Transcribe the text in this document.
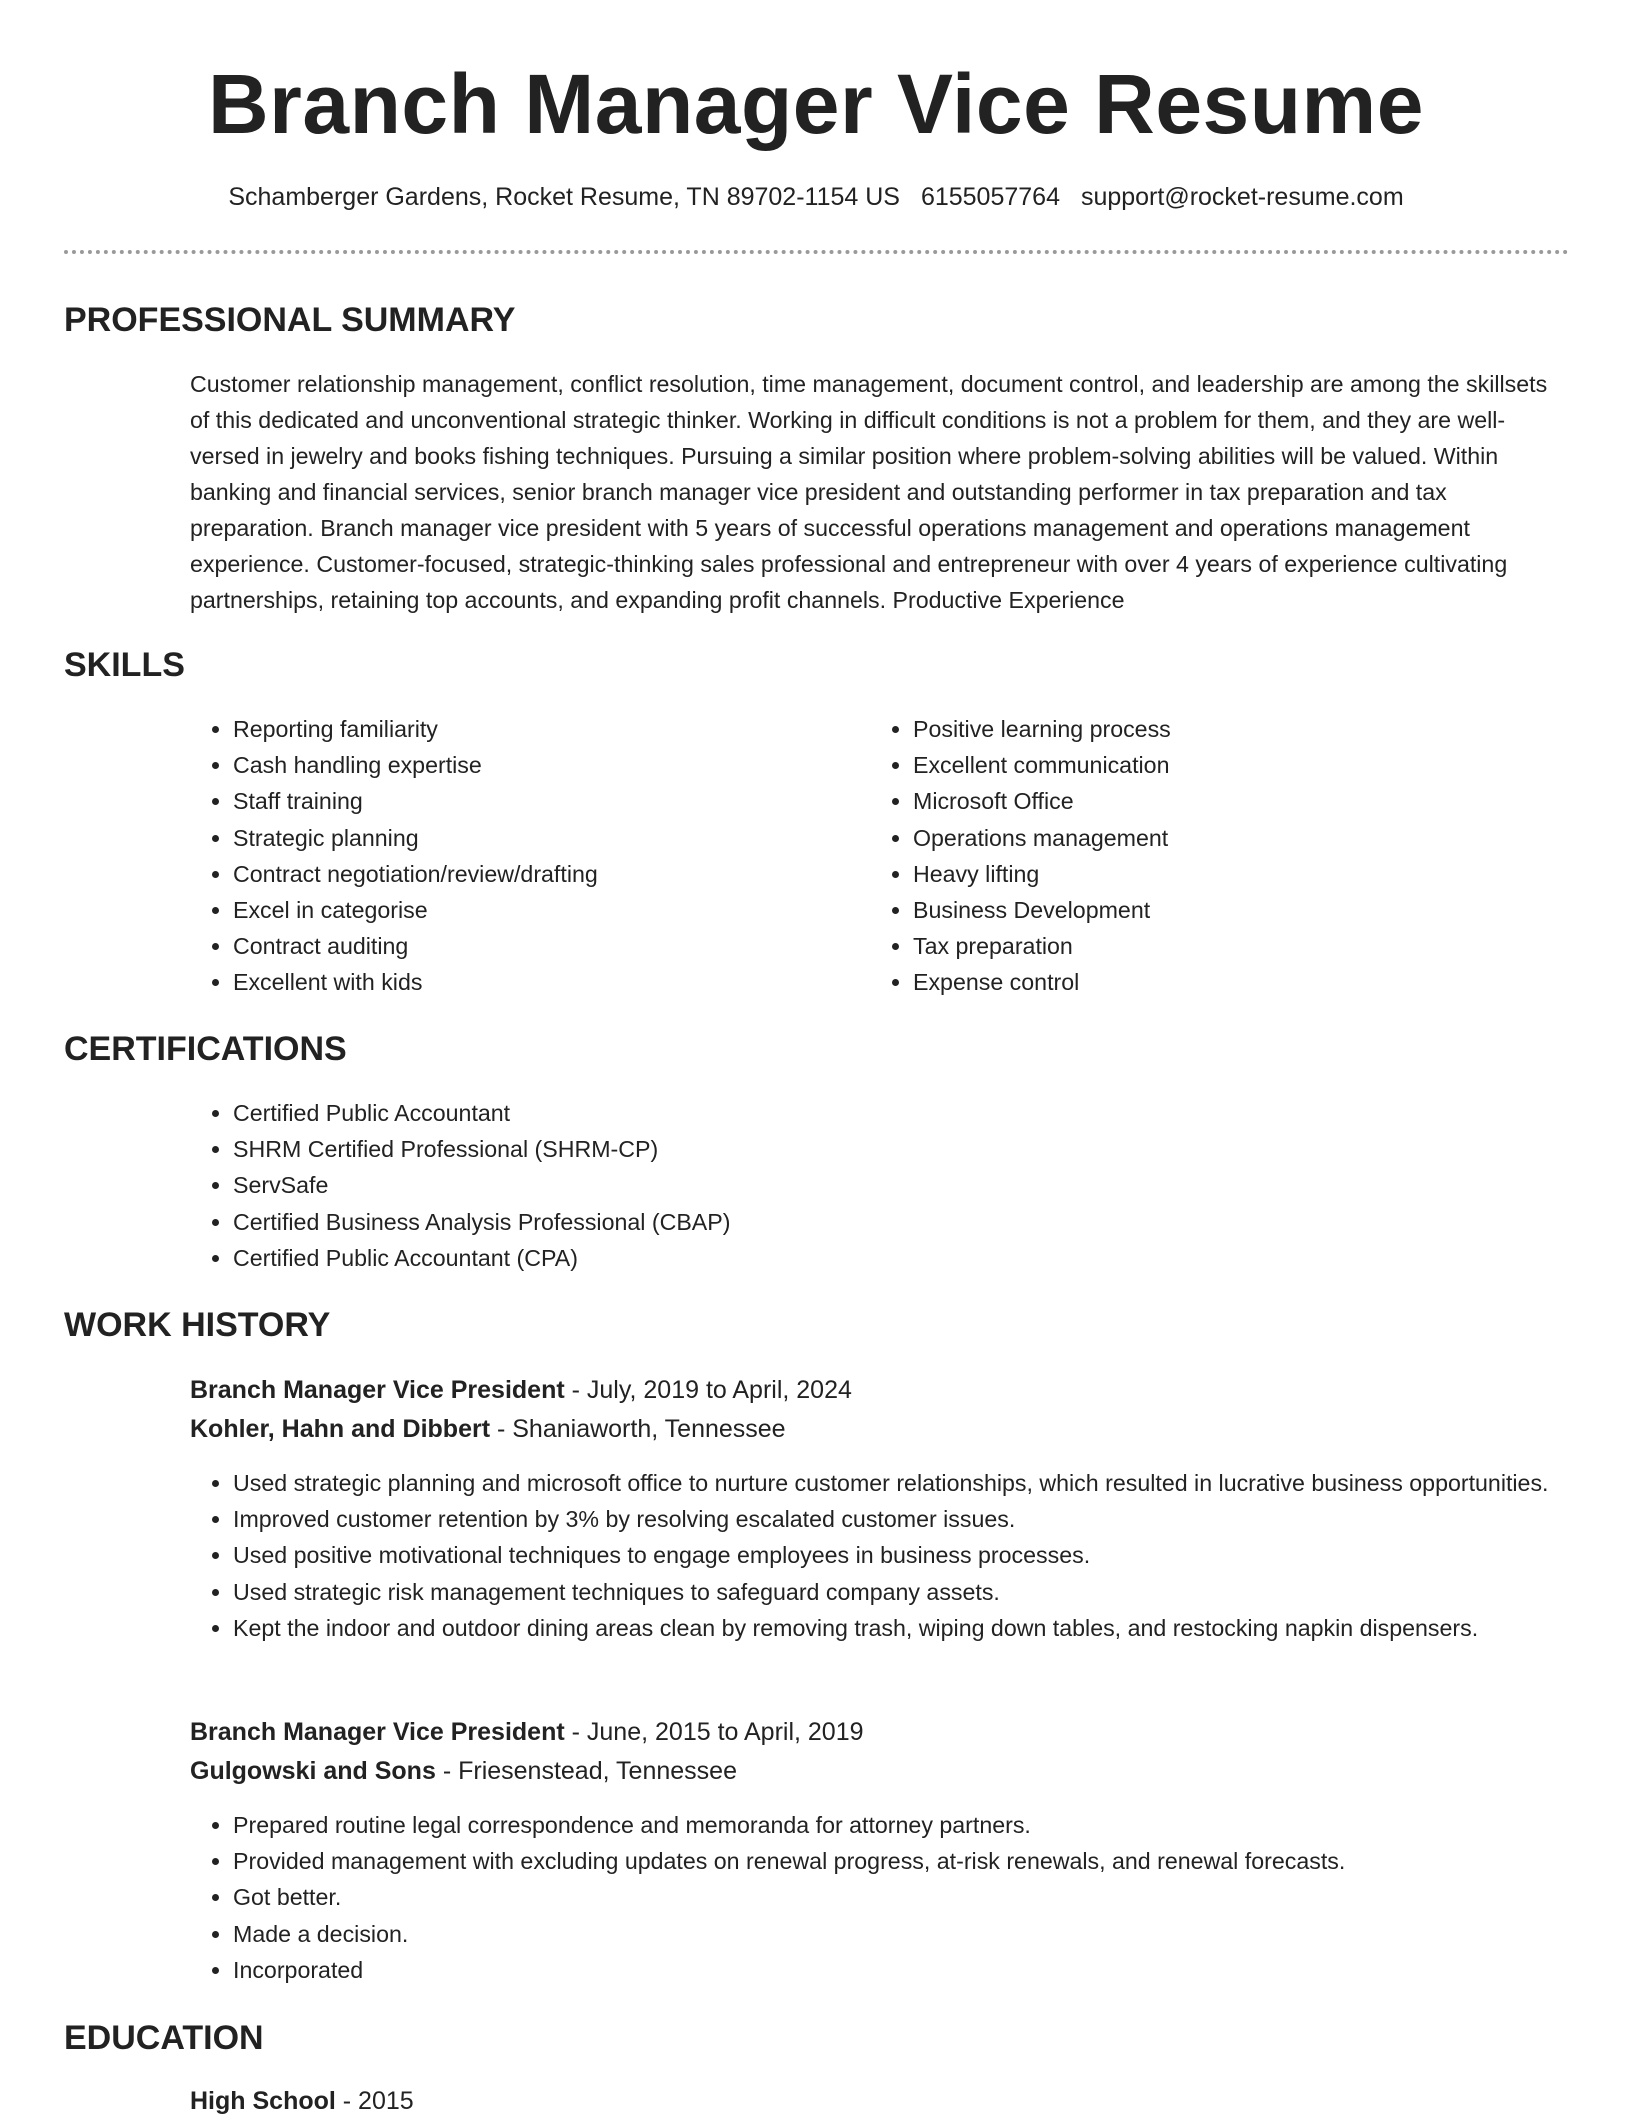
Branch Manager Vice Resume
Schamberger Gardens, Rocket Resume, TN 89702-1154 US 6155057764 support@rocket-resume.com
PROFESSIONAL SUMMARY

Customer relationship management, conflict resolution, time management, document control, and leadership are among the skillsets of this dedicated and unconventional strategic thinker. Working in difficult conditions is not a problem for them, and they are well-versed in jewelry and books fishing techniques. Pursuing a similar position where problem-solving abilities will be valued. Within banking and financial services, senior branch manager vice president and outstanding performer in tax preparation and tax preparation. Branch manager vice president with 5 years of successful operations management and operations management experience. Customer-focused, strategic-thinking sales professional and entrepreneur with over 4 years of experience cultivating partnerships, retaining top accounts, and expanding profit channels. Productive Experience

SKILLS
• Reporting familiarity
• Cash handling expertise
• Staff training
• Strategic planning
• Contract negotiation/review/drafting
• Excel in categorise
• Contract auditing
• Excellent with kids
• Positive learning process
• Excellent communication
• Microsoft Office
• Operations management
• Heavy lifting
• Business Development
• Tax preparation
• Expense control
CERTIFICATIONS
• Certified Public Accountant
• SHRM Certified Professional (SHRM-CP)
• ServSafe
• Certified Business Analysis Professional (CBAP)
• Certified Public Accountant (CPA)
WORK HISTORY
Branch Manager Vice President - July, 2019 to April, 2024
Kohler, Hahn and Dibbert - Shaniaworth, Tennessee
• Used strategic planning and microsoft office to nurture customer relationships, which resulted in lucrative business opportunities.
• Improved customer retention by 3% by resolving escalated customer issues.
• Used positive motivational techniques to engage employees in business processes.
• Used strategic risk management techniques to safeguard company assets.
• Kept the indoor and outdoor dining areas clean by removing trash, wiping down tables, and restocking napkin dispensers.
Branch Manager Vice President - June, 2015 to April, 2019
Gulgowski and Sons - Friesenstead, Tennessee
• Prepared routine legal correspondence and memoranda for attorney partners.
• Provided management with excluding updates on renewal progress, at-risk renewals, and renewal forecasts.
• Got better.
• Made a decision.
• Incorporated
EDUCATION
High School - 2015
